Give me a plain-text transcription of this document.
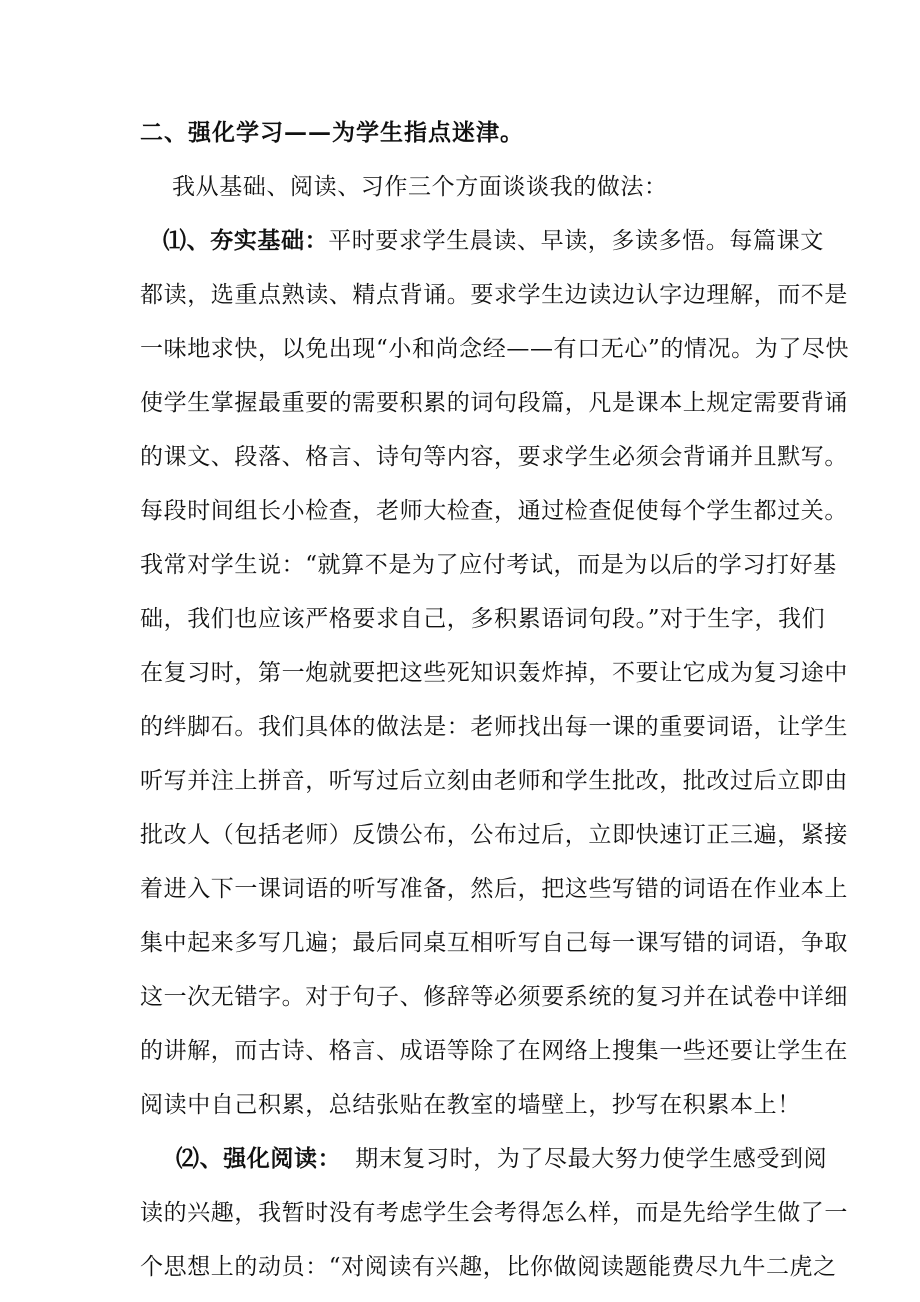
二、强化学习——为学生指点迷津。
我从基础、阅读、习作三个方面谈谈我的做法：
⑴、夯实基础：平时要求学生晨读、早读，多读多悟。每篇课文
都读，选重点熟读、精点背诵。要求学生边读边认字边理解，而不是
一味地求快，以免出现“小和尚念经——有口无心”的情况。为了尽快
使学生掌握最重要的需要积累的词句段篇，凡是课本上规定需要背诵
的课文、段落、格言、诗句等内容，要求学生必须会背诵并且默写。
每段时间组长小检查，老师大检查，通过检查促使每个学生都过关。
我常对学生说：“就算不是为了应付考试，而是为以后的学习打好基
础，我们也应该严格要求自己，多积累语词句段。”对于生字，我们
在复习时，第一炮就要把这些死知识轰炸掉，不要让它成为复习途中
的绊脚石。我们具体的做法是：老师找出每一课的重要词语，让学生
听写并注上拼音，听写过后立刻由老师和学生批改，批改过后立即由
批改人（包括老师）反馈公布，公布过后，立即快速订正三遍，紧接
着进入下一课词语的听写准备，然后，把这些写错的词语在作业本上
集中起来多写几遍；最后同桌互相听写自己每一课写错的词语，争取
这一次无错字。对于句子、修辞等必须要系统的复习并在试卷中详细
的讲解，而古诗、格言、成语等除了在网络上搜集一些还要让学生在
阅读中自己积累，总结张贴在教室的墙壁上，抄写在积累本上！
⑵、强化阅读： 期末复习时，为了尽最大努力使学生感受到阅
读的兴趣，我暂时没有考虑学生会考得怎么样，而是先给学生做了一
个思想上的动员：“对阅读有兴趣，比你做阅读题能费尽九牛二虎之
